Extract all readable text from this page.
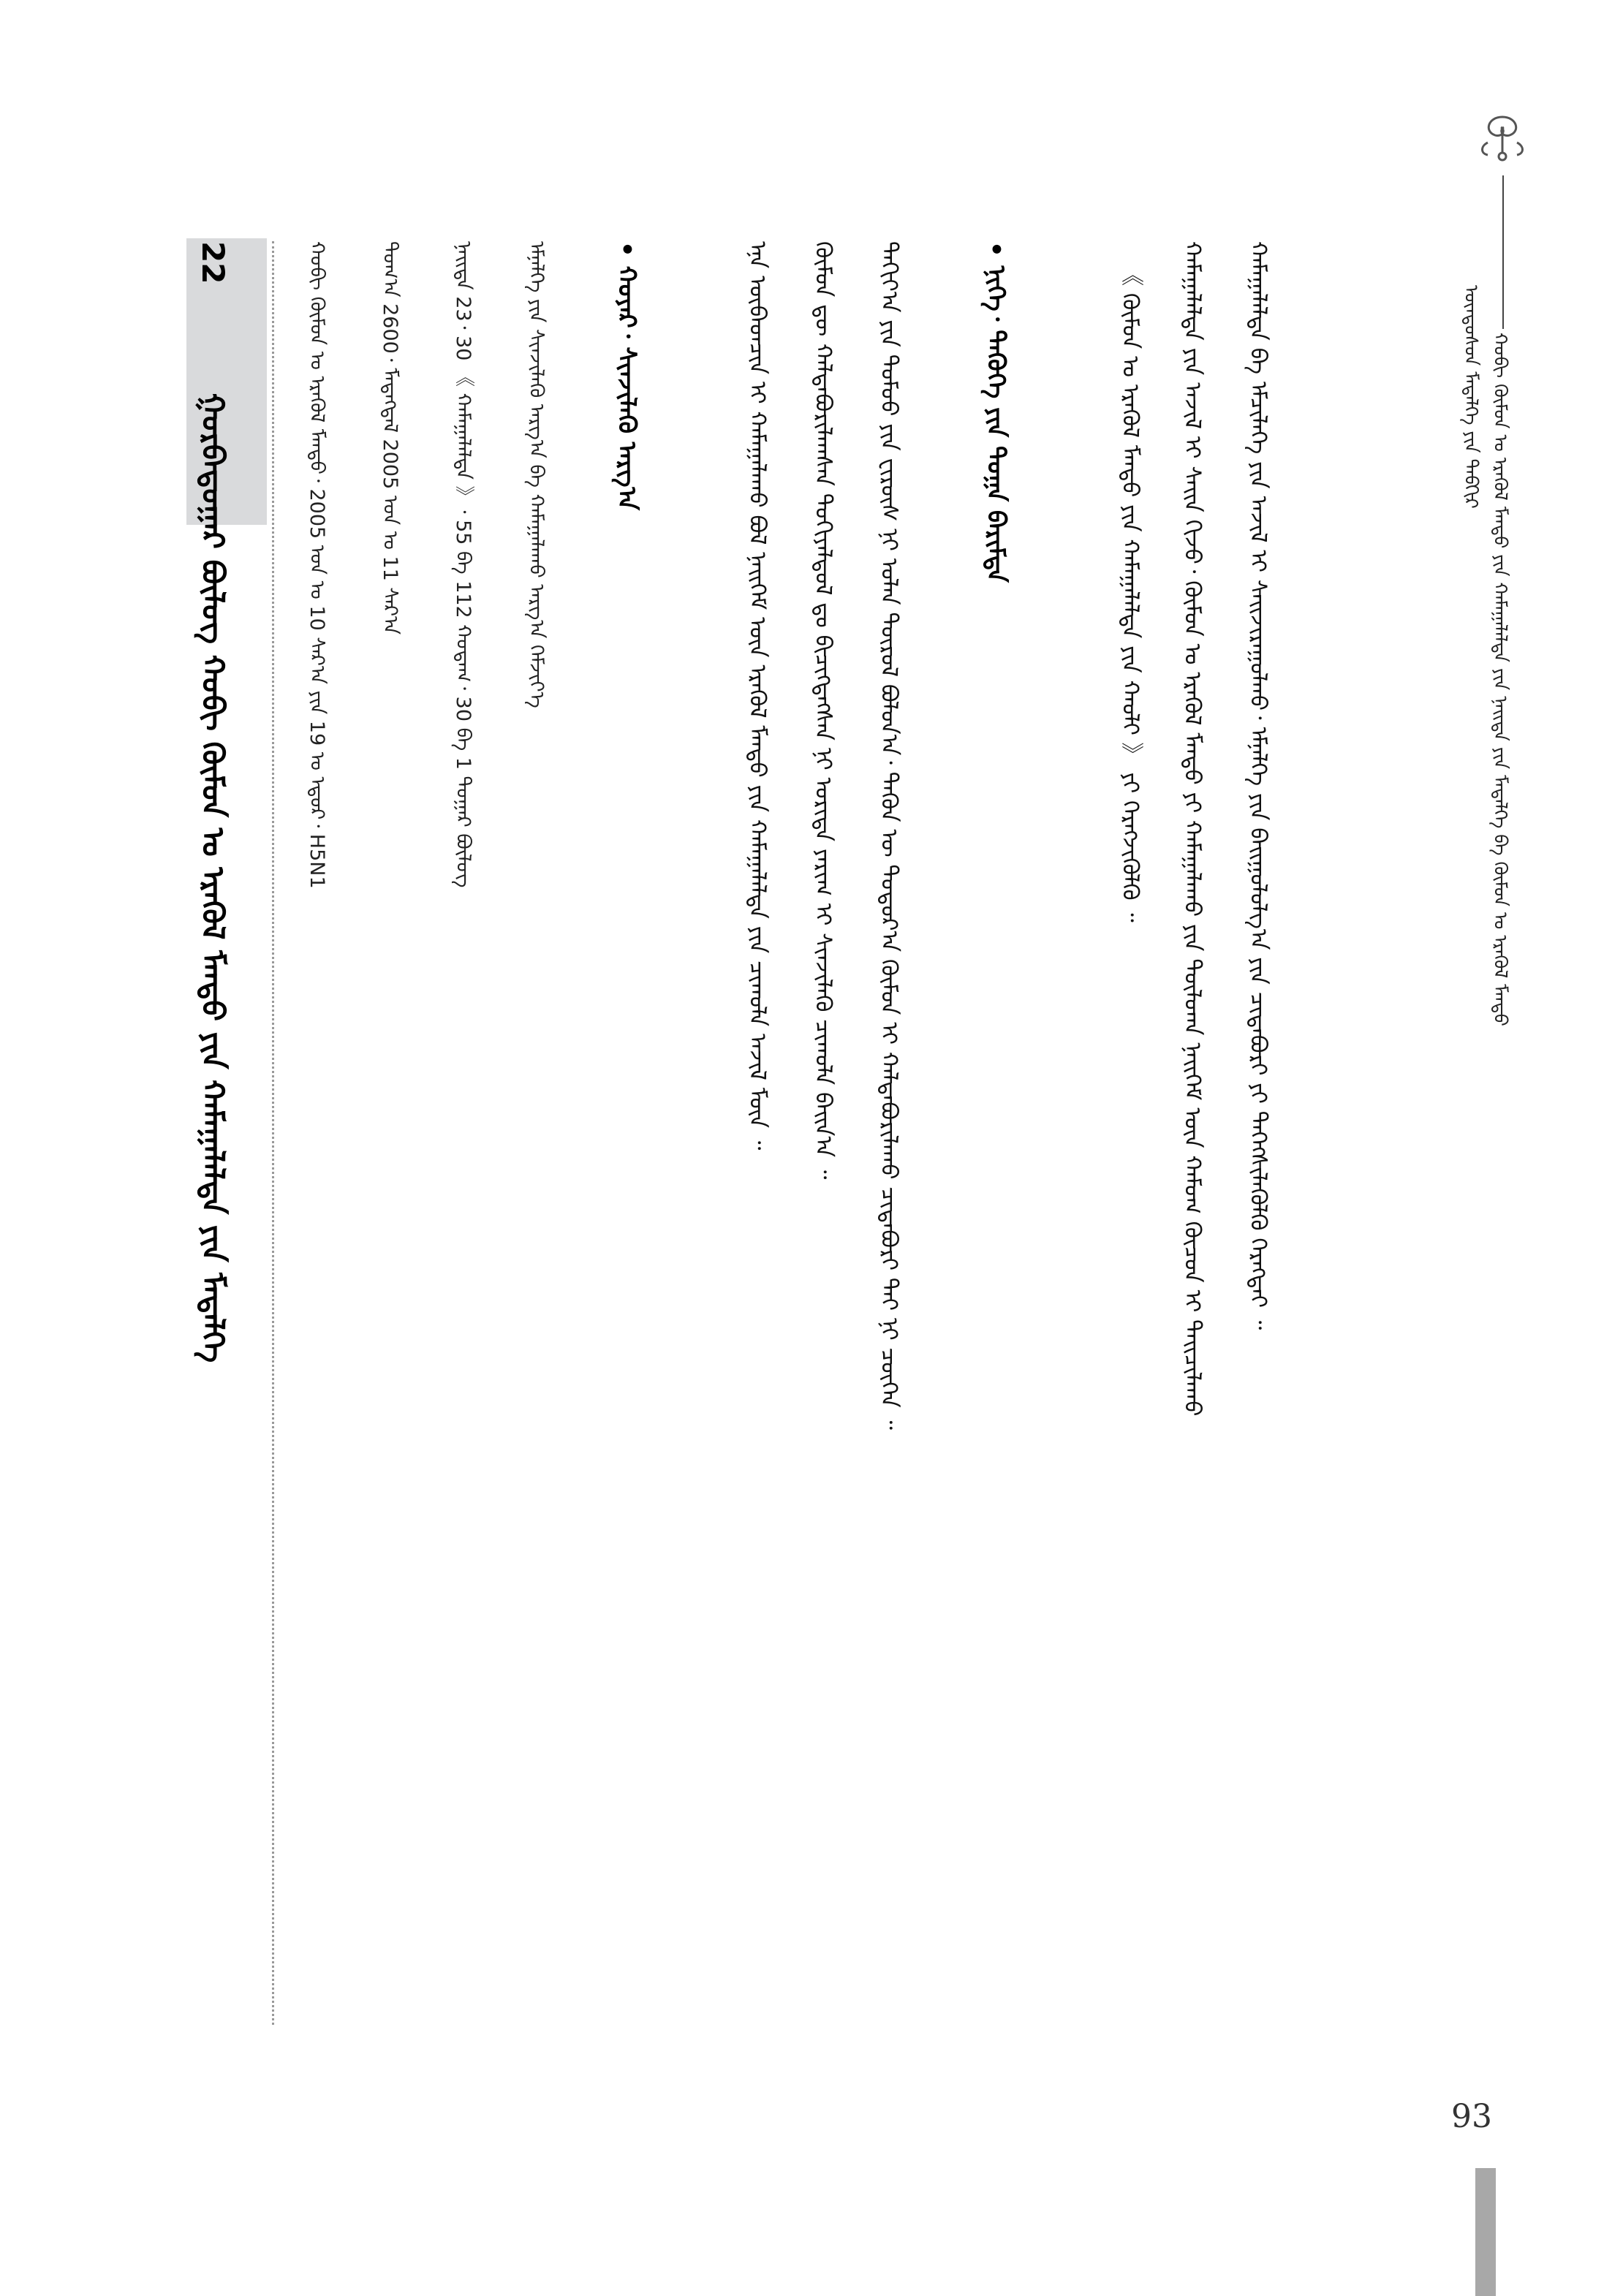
ᠬᠤᠪᠢ ᠬᠦᠮᠦᠨ ᠤ ᠡᠷᠡᠭᠦᠯ ᠮᠡᠨᠳᠦ ᠶᠢᠨ ᠬᠠᠮᠠᠭᠠᠯᠠᠯᠲᠠ ᠶᠢᠨ ᠨᠡᠢᠲᠡ ᠶᠢᠨ ᠮᠡᠳᠡᠯᠭᠡ ᠪᠠ ᠬᠦᠮᠦᠨ ᠤ ᠡᠷᠡᠭᠦᠯ ᠮᠡᠨᠳᠦ
ᠦᠨᠳᠦᠰᠦᠨ ᠮᠡᠳᠡᠯᠭᠡ ᠶᠢᠨ ᠲᠡᠪᠬᠢᠷ
ᠬᠠᠮᠠᠭᠠᠯᠠᠯᠲᠠ ᠪᠠ ᠡᠮᠴᠢᠯᠡᠭᠡ ᠶᠢᠨ ᠠᠵᠢᠯ ᠢ ᠰᠠᠢᠵᠢᠷᠠᠭᠤᠯᠬᠤ᠂ ᠡᠮᠨᠡᠯᠭᠡ ᠶᠢᠨ ᠪᠠᠢᠭᠤᠯᠤᠯᠭ᠎ᠠ ᠶᠢᠨ ᠴᠢᠳᠠᠪᠤᠷᠢ ᠶᠢ ᠳᠡᠭᠡᠭᠰᠢᠯᠡᠭᠦᠯᠬᠦ ᠬᠡᠷᠡᠭᠲᠡᠢ ᠃
ᠬᠠᠮᠠᠭᠠᠯᠠᠯᠲᠠ ᠶᠢᠨ ᠠᠵᠢᠯ ᠢ ᠰᠠᠢᠨ ᠬᠢᠵᠦ᠂ ᠬᠦᠮᠦᠨ ᠤ ᠡᠷᠡᠭᠦᠯ ᠮᠡᠨᠳᠦ ᠶᠢ ᠬᠠᠮᠠᠭᠠᠯᠠᠬᠤ ᠶᠢᠨ ᠲᠥᠯᠥᠭ᠍ᠡ ᠨᠡᠢᠭᠡᠮ ᠦᠨ ᠬᠠᠮᠤᠭ ᠬᠦᠴᠦᠨ ᠢ ᠳᠠᠢᠴᠢᠯᠠᠬᠤ
《 ᠬᠦᠮᠦᠨ ᠤ ᠡᠷᠡᠭᠦᠯ ᠮᠡᠨᠳᠦ ᠶᠢᠨ ᠬᠠᠮᠠᠭᠠᠯᠠᠯᠲᠠ ᠶᠢᠨ ᠬᠠᠤᠯᠢ 》 ᠶᠢ ᠬᠡᠷᠡᠭᠵᠢᠭᠦᠯᠬᠦ ᠃
• ᠨᠢᠭᠡ᠂ ᠲᠡᠭᠦᠬᠡ ᠶᠢᠨ ᠲᠣᠭᠠ ᠪᠠᠷᠢᠮᠲᠠ
ᠲᠠᠬᠢᠶ᠎ᠠ ᠶᠢᠨ ᠲᠤᠮᠤᠤ ᠶᠢᠨ ᠸᠢᠷᠦ᠋ᠰ ᠨᠢ ᠣᠯᠠᠨ ᠲᠥᠷᠥᠯ ᠪᠣᠯᠤᠨ᠎ᠠ᠂ ᠲᠡᠭᠦᠨ ᠦ ᠳᠣᠲᠣᠷ᠎ᠠ ᠬᠦᠮᠦᠨ ᠢ ᠬᠠᠯᠳᠠᠪᠤᠷᠢᠯᠠᠬᠤ ᠴᠢᠳᠠᠪᠤᠷᠢ ᠲᠠᠢ ᠨᠢ ᠴᠥᠭᠡᠨ ᠃
ᠬᠦᠮᠦᠨ ᠳᠦ ᠬᠠᠯᠳᠠᠪᠤᠷᠢᠯᠠᠭᠰᠠᠨ ᠲᠣᠬᠢᠶᠠᠯᠳᠤᠯ ᠳᠤ ᠪᠢᠴᠢᠭᠳᠡᠭᠰᠡᠨ ᠨᠢ ᠤᠷᠢᠳᠠ ᠶᠠᠷᠢᠭ ᠢ ᠰᠢᠨᠵᠢᠯᠡᠬᠦ ᠴᠢᠬᠤᠯᠠ ᠪᠠᠢᠨ᠎ᠠ ᠃
ᠡᠨᠡ ᠥᠪᠡᠳᠴᠢᠨ ᠢ ᠬᠠᠮᠠᠭᠠᠯᠠᠬᠤ ᠪᠣᠯ ᠨᠡᠢᠭᠡᠮ ᠦᠨ ᠡᠷᠡᠭᠦᠯ ᠮᠡᠨᠳᠦ ᠶᠢᠨ ᠬᠠᠮᠠᠭᠠᠯᠠᠯᠲᠠ ᠶᠢᠨ ᠴᠢᠬᠤᠯᠠ ᠠᠵᠢᠯ ᠮᠥᠨ ᠃
• ᠬᠣᠶᠠᠷ᠂ ᠰᠢᠨᠵᠢᠯᠡᠬᠦ ᠠᠷᠭ᠎ᠠ
ᠡᠮᠨᠡᠯᠭᠡ ᠶᠢᠨ ᠰᠢᠨᠵᠢᠯᠡᠬᠦ ᠠᠷᠭ᠎ᠠ ᠪᠠ ᠬᠠᠮᠠᠭᠠᠯᠠᠬᠤ ᠠᠷᠭ᠎ᠠ ᠬᠡᠮᠵᠢᠶ᠎ᠡ
ᠨᠡᠢᠲᠡ 23᠂ 30 《 ᠬᠠᠮᠠᠭᠠᠯᠠᠯᠲᠠ 》᠂ 55 ᠪᠠ 112 ᠬᠤᠳᠠᠭ᠂ 30 ᠪᠠ 1 ᠳᠤᠭᠠᠷ ᠪᠦᠯᠦᠭ
ᠲᠣᠭ᠎ᠠ 2600᠂ ᠮᠡᠳᠡᠭᠳᠡᠯ 2005 ᠣᠨ ᠤ 11 ᠰᠠᠷ᠎ᠠ
ᠬᠤᠪᠢ ᠬᠦᠮᠦᠨ ᠤ ᠡᠷᠡᠭᠦᠯ ᠮᠡᠨᠳᠦ᠂ 2005 ᠣᠨ ᠤ 10 ᠰᠠᠷ᠎ᠠ ᠶᠢᠨ 19 ᠤ ᠡᠳᠦᠷ᠂ H5N1
22  ᠭᠤᠷᠪᠠᠳᠤᠭᠠᠷ ᠪᠦᠯᠦᠭ ᠬᠤᠪᠢ ᠬᠦᠮᠦᠨ ᠤ ᠡᠷᠡᠭᠦᠯ ᠮᠡᠨᠳᠦ ᠶᠢᠨ ᠬᠠᠮᠠᠭᠠᠯᠠᠯᠲᠠ ᠶᠢᠨ ᠮᠡᠳᠡᠯᠭᠡ
93
